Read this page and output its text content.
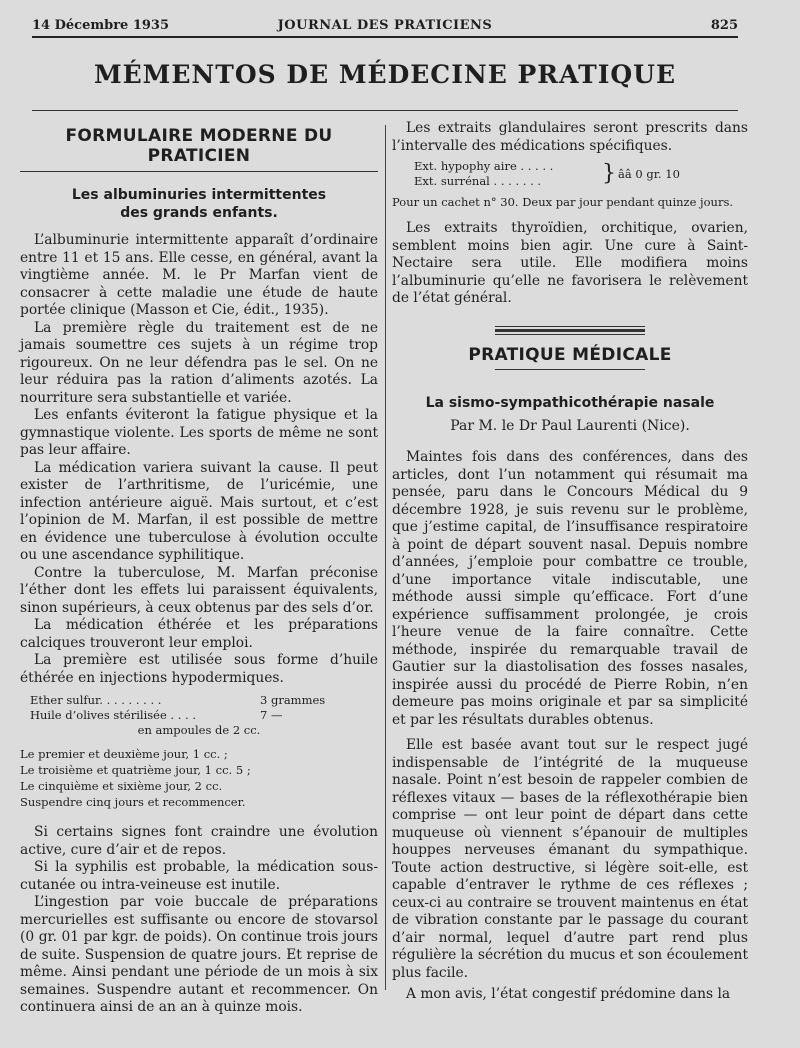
14 Décembre 1935	JOURNAL DES PRATICIENS	825
MÉMENTOS DE MÉDECINE PRATIQUE
FORMULAIRE MODERNE DU PRATICIEN
Les albuminuries intermittentes
des grands enfants.

L’albuminurie intermittente apparaît d’ordinaire entre 11 et 15 ans. Elle cesse, en général, avant la vingtième année. M. le Pr Marfan vient de consacrer à cette maladie une étude de haute portée clinique (Masson et Cie, édit., 1935).

La première règle du traitement est de ne jamais soumettre ces sujets à un régime trop rigoureux. On ne leur défendra pas le sel. On ne leur réduira pas la ration d’aliments azotés. La nourriture sera substantielle et variée.

Les enfants éviteront la fatigue physique et la gymnastique violente. Les sports de même ne sont pas leur affaire.

La médication variera suivant la cause. Il peut exister de l’arthritisme, de l’uricémie, une infection antérieure aiguë. Mais surtout, et c’est l’opinion de M. Marfan, il est possible de mettre en évidence une tuberculose à évolution occulte ou une ascendance syphilitique.

Contre la tuberculose, M. Marfan préconise l’éther dont les effets lui paraissent équivalents, sinon supérieurs, à ceux obtenus par des sels d’or.

La médication éthérée et les préparations calciques trouveront leur emploi.

La première est utilisée sous forme d’huile éthérée en injections hypodermiques.

Ether sulfur. . . . . . . . .	3 grammes
Huile d’olives stérilisée . . . .	7 —
en ampoules de 2 cc.
Le premier et deuxième jour, 1 cc. ;
Le troisième et quatrième jour, 1 cc. 5 ;
Le cinquième et sixième jour, 2 cc.
Suspendre cinq jours et recommencer.

Si certains signes font craindre une évolution active, cure d’air et de repos.

Si la syphilis est probable, la médication sous-cutanée ou intra-veineuse est inutile.

L’ingestion par voie buccale de préparations mercurielles est suffisante ou encore de stovarsol (0 gr. 01 par kgr. de poids). On continue trois jours de suite. Suspension de quatre jours. Et reprise de même. Ainsi pendant une période de un mois à six semaines. Suspendre autant et recommencer. On continuera ainsi de an an à quinze mois.

Les extraits glandulaires seront prescrits dans l’intervalle des médications spécifiques.

Ext. hypophy aire . . . . .
Ext. surrénal . . . . . . .	} ââ 0 gr. 10

Pour un cachet n° 30. Deux par jour pendant quinze jours.

Les extraits thyroïdien, orchitique, ovarien, semblent moins bien agir. Une cure à Saint-Nectaire sera utile. Elle modifiera moins l’albuminurie qu’elle ne favorisera le relèvement de l’état général.

PRATIQUE MÉDICALE
La sismo-sympathicothérapie nasale

Par M. le Dr Paul Laurenti (Nice).

Maintes fois dans des conférences, dans des articles, dont l’un notamment qui résumait ma pensée, paru dans le Concours Médical du 9 décembre 1928, je suis revenu sur le problème, que j’estime capital, de l’insuffisance respiratoire à point de départ souvent nasal. Depuis nombre d’années, j’emploie pour combattre ce trouble, d’une importance vitale indiscutable, une méthode aussi simple qu’efficace. Fort d’une expérience suffisamment prolongée, je crois l’heure venue de la faire connaître. Cette méthode, inspirée du remarquable travail de Gautier sur la diastolisation des fosses nasales, inspirée aussi du procédé de Pierre Robin, n’en demeure pas moins originale et par sa simplicité et par les résultats durables obtenus.

Elle est basée avant tout sur le respect jugé indispensable de l’intégrité de la muqueuse nasale. Point n’est besoin de rappeler combien de réflexes vitaux — bases de la réflexothérapie bien comprise — ont leur point de départ dans cette muqueuse où viennent s’épanouir de multiples houppes nerveuses émanant du sympathique. Toute action destructive, si légère soit-elle, est capable d’entraver le rythme de ces réflexes ; ceux-ci au contraire se trouvent maintenus en état de vibration constante par le passage du courant d’air normal, lequel d’autre part rend plus régulière la sécrétion du mucus et son écoulement plus facile.

A mon avis, l’état congestif prédomine dans la
